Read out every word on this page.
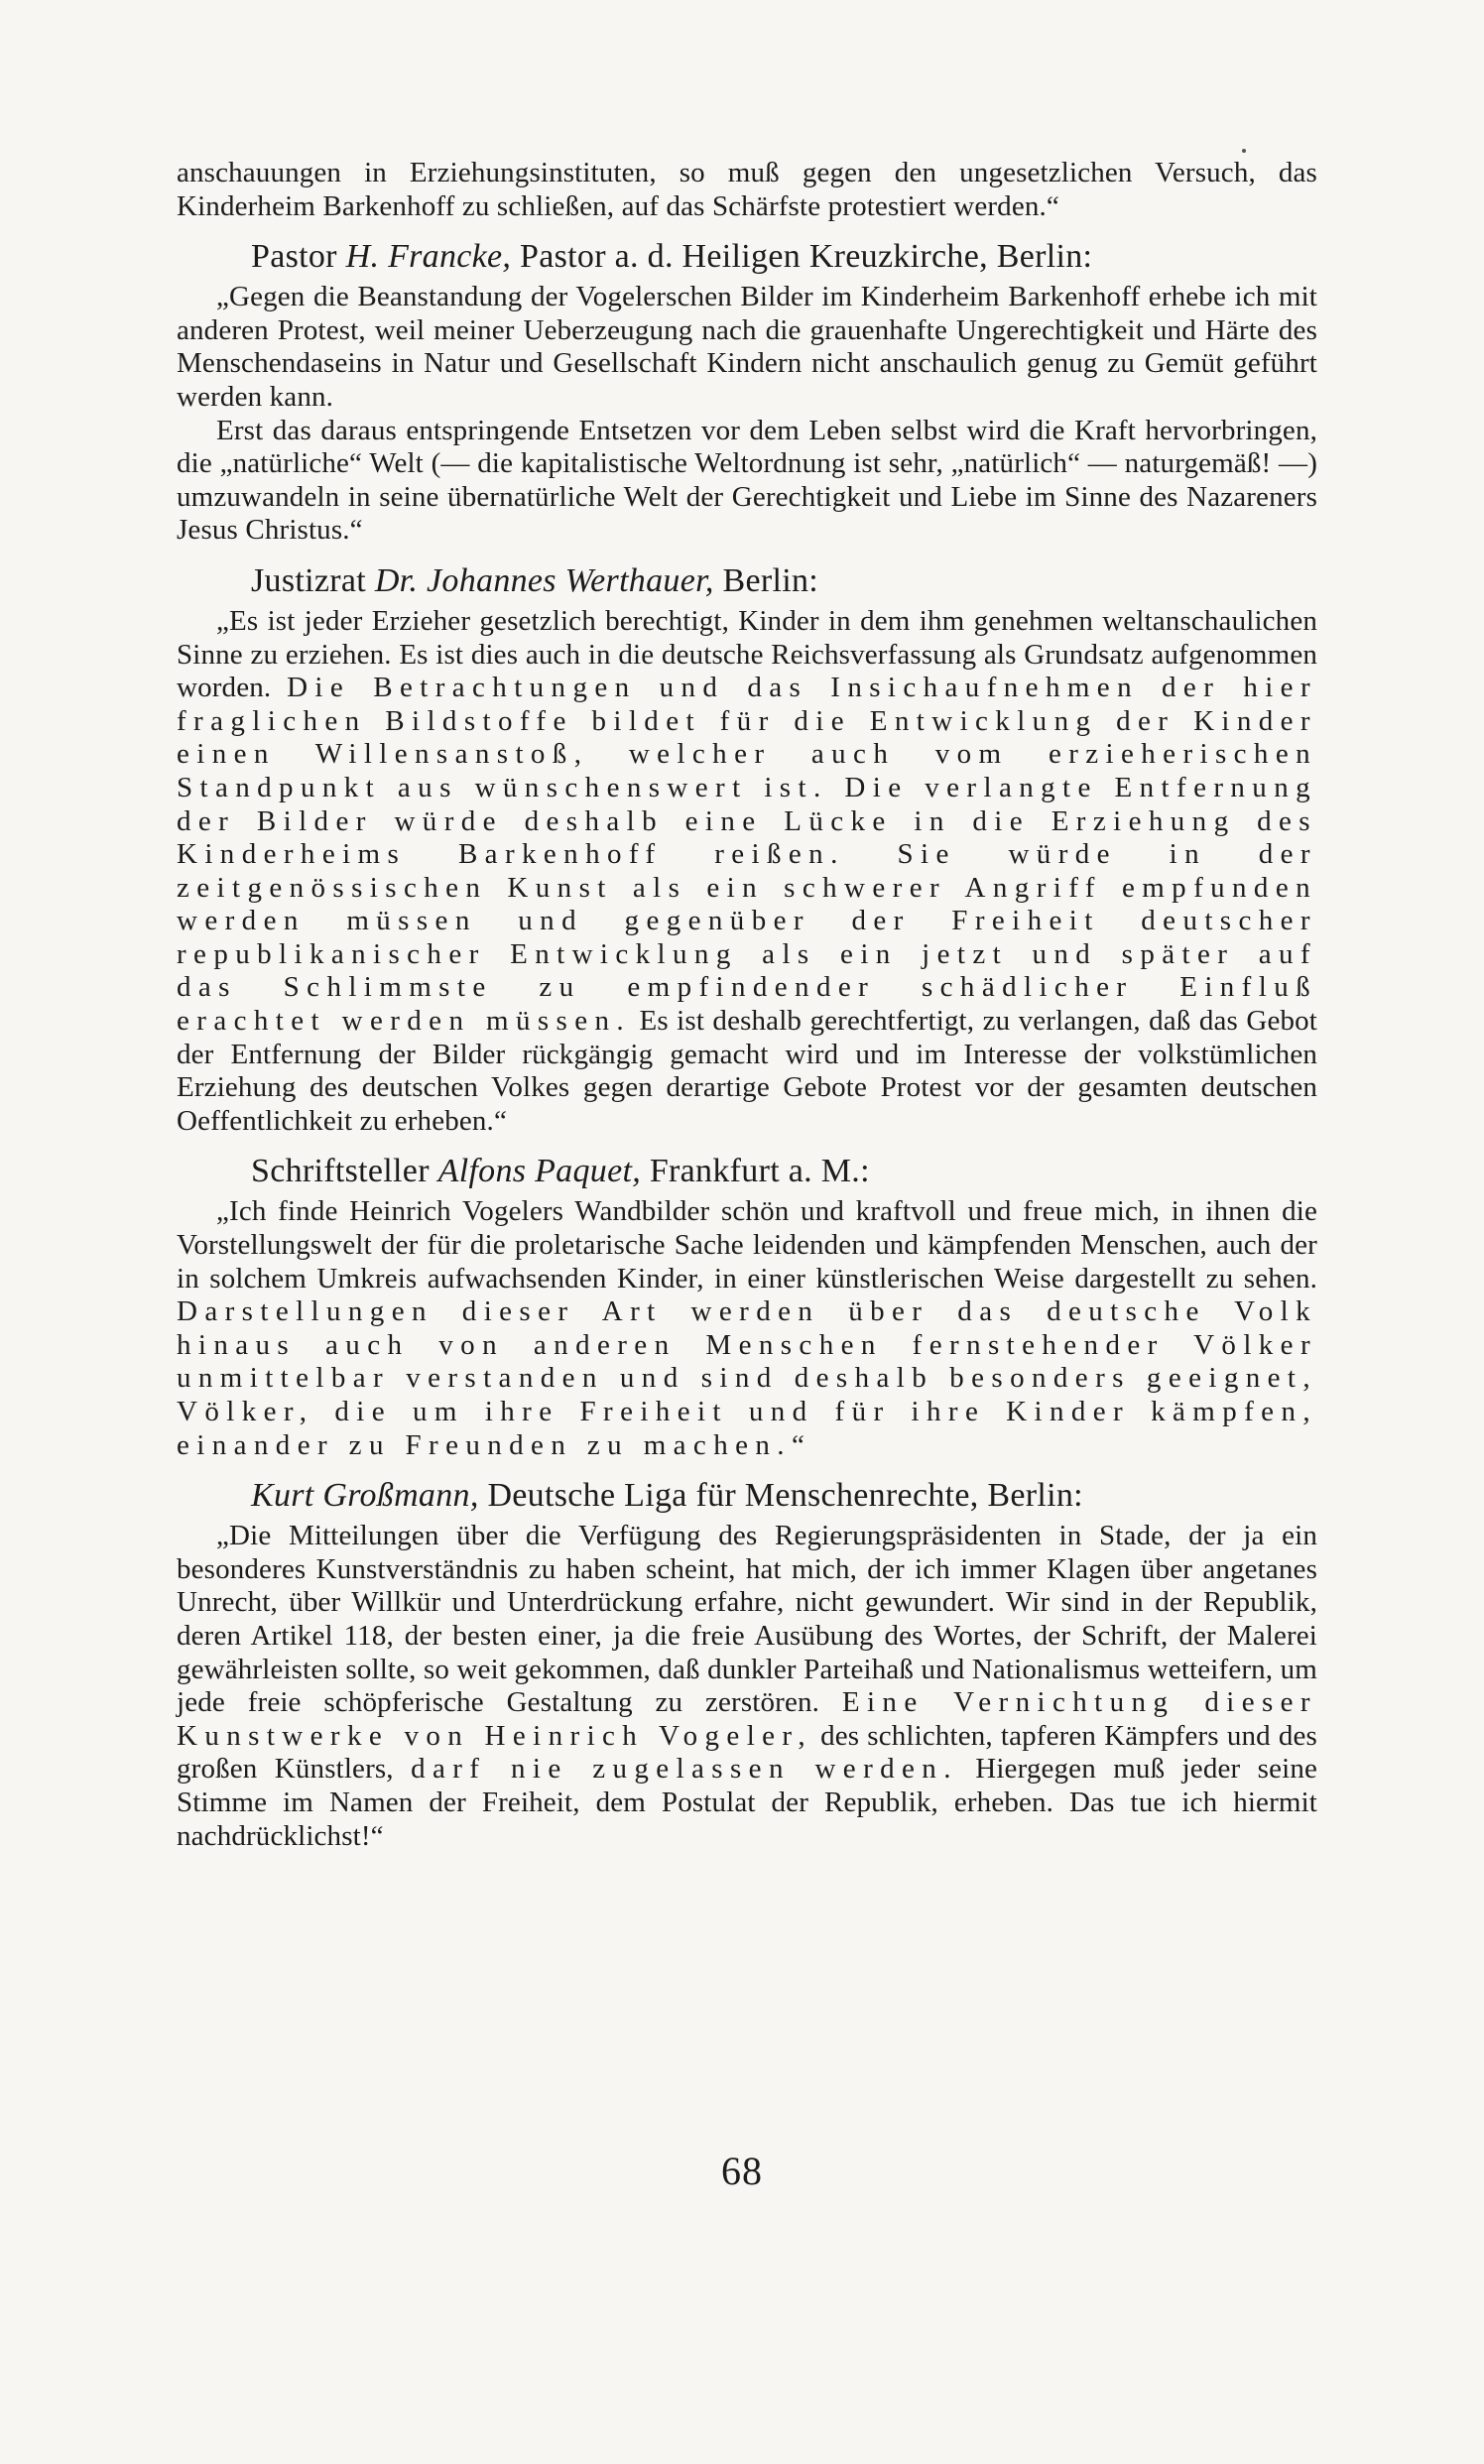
anschauungen in Erziehungsinstituten, so muß gegen den ungesetzlichen Versuch, das Kinderheim Barkenhoff zu schließen, auf das Schärfste protestiert werden.“

Pastor H. Francke, Pastor a. d. Heiligen Kreuzkirche, Berlin:

„Gegen die Beanstandung der Vogelerschen Bilder im Kinderheim Barkenhoff erhebe ich mit anderen Protest, weil meiner Ueberzeugung nach die grauenhafte Ungerechtigkeit und Härte des Menschendaseins in Natur und Gesellschaft Kindern nicht anschaulich genug zu Gemüt geführt werden kann.

Erst das daraus entspringende Entsetzen vor dem Leben selbst wird die Kraft hervorbringen, die „natürliche“ Welt (— die kapitalistische Weltordnung ist sehr, „natürlich“ — naturgemäß! —) umzuwandeln in seine übernatürliche Welt der Gerechtigkeit und Liebe im Sinne des Nazareners Jesus Christus.“

Justizrat Dr. Johannes Werthauer, Berlin:

„Es ist jeder Erzieher gesetzlich berechtigt, Kinder in dem ihm genehmen weltanschaulichen Sinne zu erziehen. Es ist dies auch in die deutsche Reichsverfassung als Grundsatz aufgenommen worden. Die Betrachtungen und das Insichaufnehmen der hier fraglichen Bildstoffe bildet für die Entwicklung der Kinder einen Willensanstoß, welcher auch vom erzieherischen Standpunkt aus wünschenswert ist. Die verlangte Entfernung der Bilder würde deshalb eine Lücke in die Erziehung des Kinderheims Barkenhoff reißen. Sie würde in der zeitgenössischen Kunst als ein schwerer Angriff empfunden werden müssen und gegenüber der Freiheit deutscher republikanischer Entwicklung als ein jetzt und später auf das Schlimmste zu empfindender schädlicher Einfluß erachtet werden müssen. Es ist deshalb gerechtfertigt, zu verlangen, daß das Gebot der Entfernung der Bilder rückgängig gemacht wird und im Interesse der volkstümlichen Erziehung des deutschen Volkes gegen derartige Gebote Protest vor der gesamten deutschen Oeffentlichkeit zu erheben.“

Schriftsteller Alfons Paquet, Frankfurt a. M.:

„Ich finde Heinrich Vogelers Wandbilder schön und kraftvoll und freue mich, in ihnen die Vorstellungswelt der für die proletarische Sache leidenden und kämpfenden Menschen, auch der in solchem Umkreis aufwachsenden Kinder, in einer künstlerischen Weise dargestellt zu sehen. Darstellungen dieser Art werden über das deutsche Volk hinaus auch von anderen Menschen fernstehender Völker unmittelbar verstanden und sind deshalb besonders geeignet, Völker, die um ihre Freiheit und für ihre Kinder kämpfen, einander zu Freunden zu machen.“

Kurt Großmann, Deutsche Liga für Menschenrechte, Berlin:

„Die Mitteilungen über die Verfügung des Regierungspräsidenten in Stade, der ja ein besonderes Kunstverständnis zu haben scheint, hat mich, der ich immer Klagen über angetanes Unrecht, über Willkür und Unterdrückung erfahre, nicht gewundert. Wir sind in der Republik, deren Artikel 118, der besten einer, ja die freie Ausübung des Wortes, der Schrift, der Malerei gewährleisten sollte, so weit gekommen, daß dunkler Parteihaß und Nationalismus wetteifern, um jede freie schöpferische Gestaltung zu zerstören. Eine Vernichtung dieser Kunstwerke von Heinrich Vogeler, des schlichten, tapferen Kämpfers und des großen Künstlers, darf nie zugelassen werden. Hiergegen muß jeder seine Stimme im Namen der Freiheit, dem Postulat der Republik, erheben. Das tue ich hiermit nachdrücklichst!“

68
